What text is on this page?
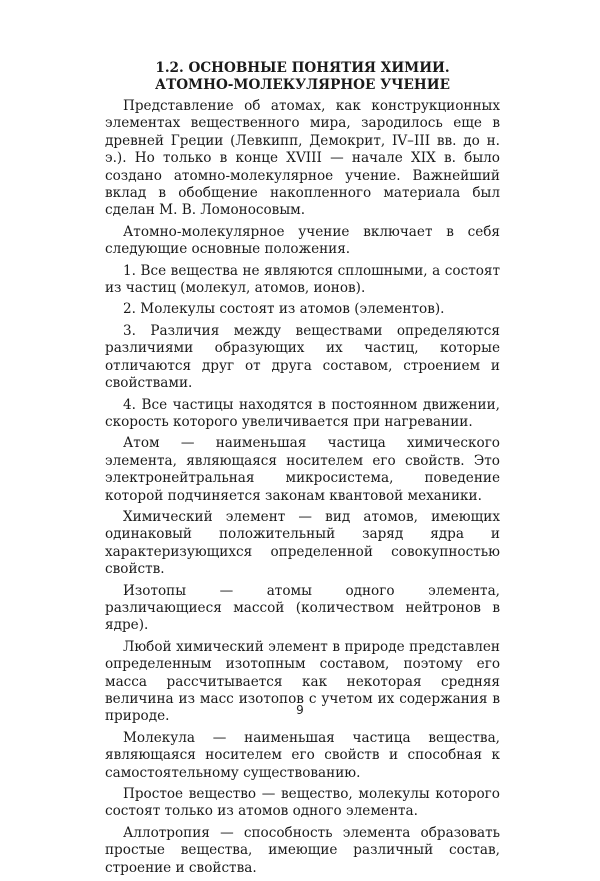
1.2. ОСНОВНЫЕ ПОНЯТИЯ ХИМИИ.
АТОМНО-МОЛЕКУЛЯРНОЕ УЧЕНИЕ

Представление об атомах, как конструкционных элементах вещественного мира, зародилось еще в древней Греции (Левкипп, Демокрит, IV–III вв. до н. э.). Но только в конце XVIII — начале XIX в. было создано атомно-молекулярное учение. Важнейший вклад в обобщение накопленного материала был сделан М. В. Ломоносовым.

Атомно-молекулярное учение включает в себя следующие основные положения.

1. Все вещества не являются сплошными, а состоят из частиц (молекул, атомов, ионов).

2. Молекулы состоят из атомов (элементов).

3. Различия между веществами определяются различиями образующих их частиц, которые отличаются друг от друга составом, строением и свойствами.

4. Все частицы находятся в постоянном движении, скорость которого увеличивается при нагревании.

Атом — наименьшая частица химического элемента, являющаяся носителем его свойств. Это электронейтральная микросистема, поведение которой подчиняется законам квантовой механики.

Химический элемент — вид атомов, имеющих одинаковый положительный заряд ядра и характеризующихся определенной совокупностью свойств.

Изотопы — атомы одного элемента, различающиеся массой (количеством нейтронов в ядре).

Любой химический элемент в природе представлен определенным изотопным составом, поэтому его масса рассчитывается как некоторая средняя величина из масс изотопов с учетом их содержания в природе.

Молекула — наименьшая частица вещества, являющаяся носителем его свойств и способная к самостоятельному существованию.

Простое вещество — вещество, молекулы которого состоят только из атомов одного элемента.

Аллотропия — способность элемента образовать простые вещества, имеющие различный состав, строение и свойства.

9
